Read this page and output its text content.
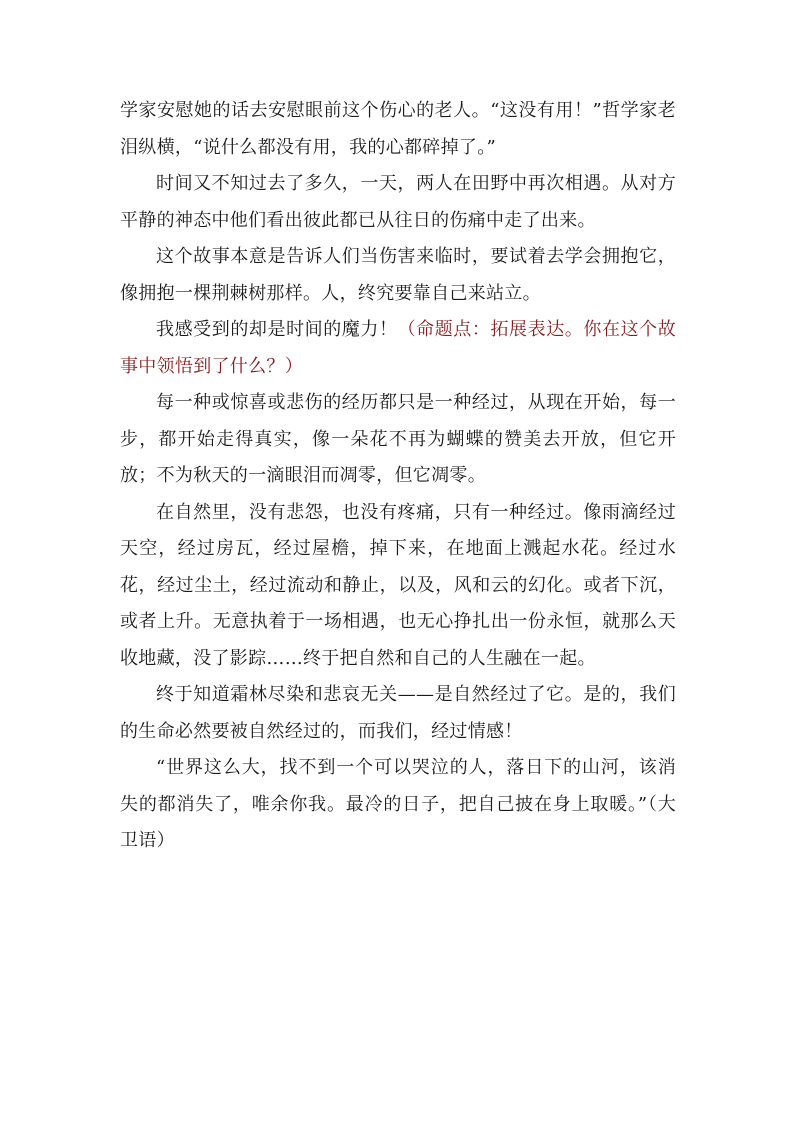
学家安慰她的话去安慰眼前这个伤心的老人。“这没有用！”哲学家老泪纵横，“说什么都没有用，我的心都碎掉了。”

时间又不知过去了多久，一天，两人在田野中再次相遇。从对方平静的神态中他们看出彼此都已从往日的伤痛中走了出来。

这个故事本意是告诉人们当伤害来临时，要试着去学会拥抱它，像拥抱一棵荆棘树那样。人，终究要靠自己来站立。

我感受到的却是时间的魔力！（命题点：拓展表达。你在这个故事中领悟到了什么？）

每一种或惊喜或悲伤的经历都只是一种经过，从现在开始，每一步，都开始走得真实，像一朵花不再为蝴蝶的赞美去开放，但它开放；不为秋天的一滴眼泪而凋零，但它凋零。

在自然里，没有悲怨，也没有疼痛，只有一种经过。像雨滴经过天空，经过房瓦，经过屋檐，掉下来，在地面上溅起水花。经过水花，经过尘土，经过流动和静止，以及，风和云的幻化。或者下沉，或者上升。无意执着于一场相遇，也无心挣扎出一份永恒，就那么天收地藏，没了影踪……终于把自然和自己的人生融在一起。

终于知道霜林尽染和悲哀无关——是自然经过了它。是的，我们的生命必然要被自然经过的，而我们，经过情感！

“世界这么大，找不到一个可以哭泣的人，落日下的山河，该消失的都消失了，唯余你我。最冷的日子，把自己披在身上取暖。”（大卫语）
